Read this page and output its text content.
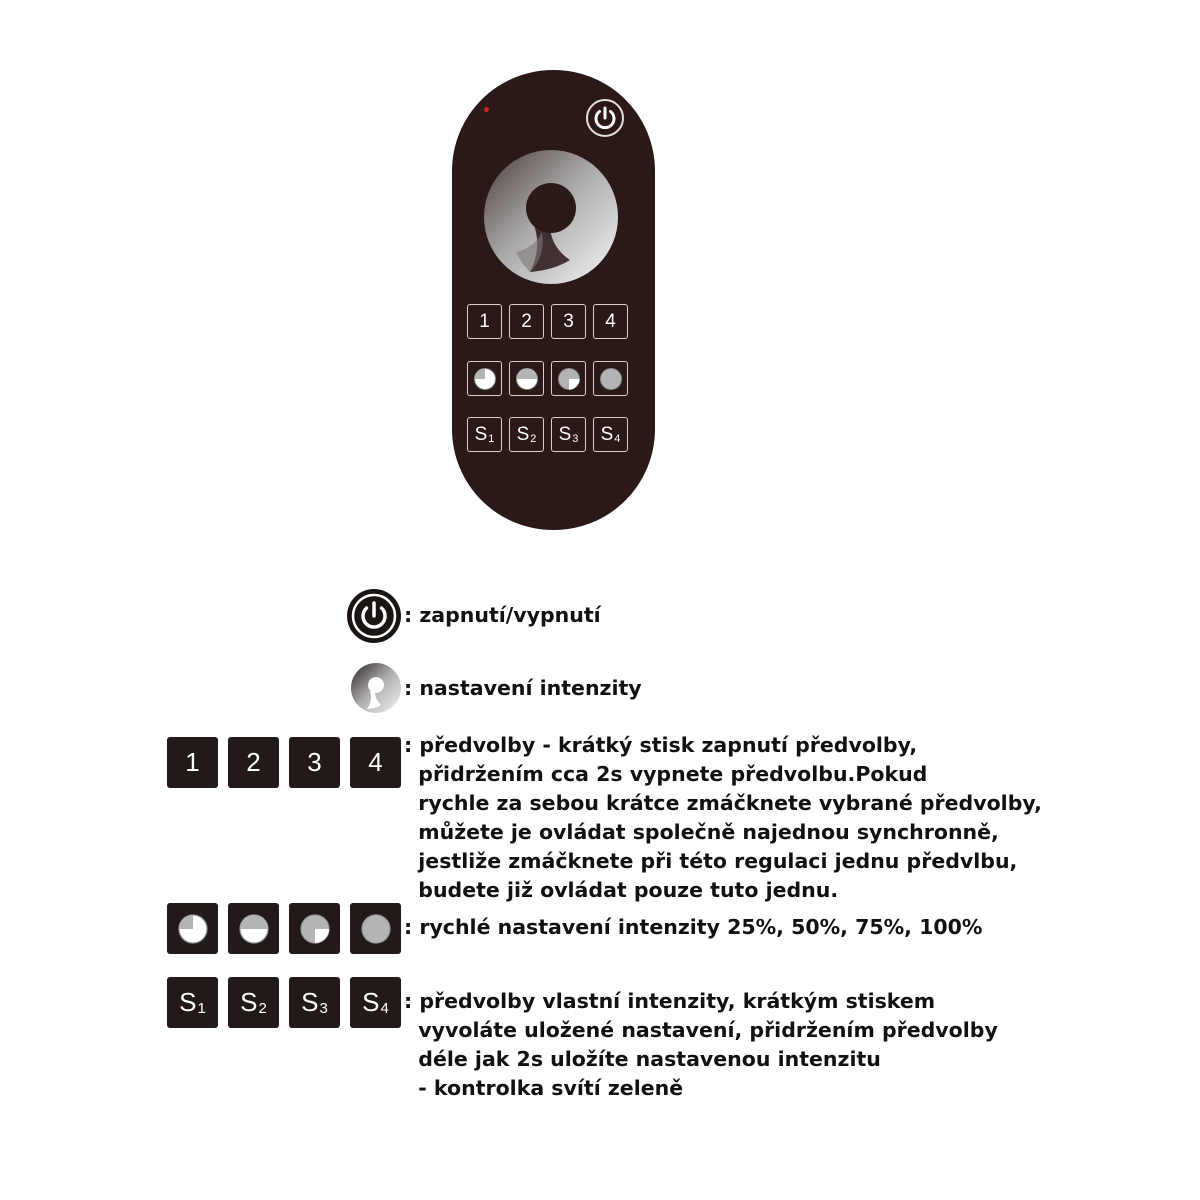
1 2 3 4
S 1 S 2 S 3 S 4

: zapnutí/vypnutí

: nastavení intenzity

1 2 3 4

: předvolby - krátký stisk zapnutí předvolby,

přidržením cca 2s vypnete předvolbu.Pokud

rychle za sebou krátce zmáčknete vybrané předvolby,

můžete je ovládat společně najednou synchronně,

jestliže zmáčknete při této regulaci jednu předvlbu,

budete již ovládat pouze tuto jednu.

: rychlé nastavení intenzity 25%, 50%, 75%, 100%

S 1 S 2 S 3 S 4 : předvolby vlastní intenzity, krátkým stiskem

vyvoláte uložené nastavení, přidržením předvolby

déle jak 2s uložíte nastavenou intenzitu

- kontrolka svítí zeleně
